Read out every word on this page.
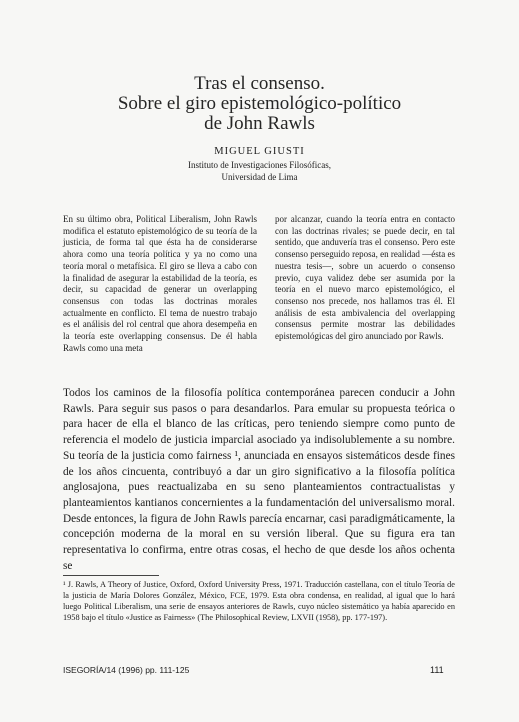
Tras el consenso.
Sobre el giro epistemológico-político
de John Rawls
MIGUEL GIUSTI
Instituto de Investigaciones Filosóficas,
Universidad de Lima
En su último obra, Political Liberalism, John Rawls modifica el estatuto epistemológico de su teoría de la justicia, de forma tal que ésta ha de considerarse ahora como una teoría política y ya no como una teoría moral o metafísica. El giro se lleva a cabo con la finalidad de asegurar la estabilidad de la teoría, es decir, su capacidad de generar un overlapping consensus con todas las doctrinas morales actualmente en conflicto. El tema de nuestro trabajo es el análisis del rol central que ahora desempeña en la teoría este overlapping consensus. De él habla Rawls como una meta
por alcanzar, cuando la teoría entra en contacto con las doctrinas rivales; se puede decir, en tal sentido, que anduvería tras el consenso. Pero este consenso perseguido reposa, en realidad —ésta es nuestra tesis—, sobre un acuerdo o consenso previo, cuya validez debe ser asumida por la teoría en el nuevo marco epistemológico, el consenso nos precede, nos hallamos tras él. El análisis de esta ambivalencia del overlapping consensus permite mostrar las debilidades epistemológicas del giro anunciado por Rawls.

Todos los caminos de la filosofía política contemporánea parecen conducir a John Rawls. Para seguir sus pasos o para desandarlos. Para emular su propuesta teórica o para hacer de ella el blanco de las críticas, pero teniendo siempre como punto de referencia el modelo de justicia imparcial asociado ya indisolublemente a su nombre. Su teoría de la justicia como fairness ¹, anunciada en ensayos sistemáticos desde fines de los años cincuenta, contribuyó a dar un giro significativo a la filosofía política anglosajona, pues reactualizaba en su seno planteamientos contractualistas y planteamientos kantianos concernientes a la fundamentación del universalismo moral. Desde entonces, la figura de John Rawls parecía encarnar, casi paradigmáticamente, la concepción moderna de la moral en su versión liberal. Que su figura era tan representativa lo confirma, entre otras cosas, el hecho de que desde los años ochenta se

¹ J. Rawls, A Theory of Justice, Oxford, Oxford University Press, 1971. Traducción castellana, con el título Teoría de la justicia de María Dolores González, México, FCE, 1979. Esta obra condensa, en realidad, al igual que lo hará luego Political Liberalism, una serie de ensayos anteriores de Rawls, cuyo núcleo sistemático ya había aparecido en 1958 bajo el título «Justice as Fairness» (The Philosophical Review, LXVII (1958), pp. 177-197).
ISEGORÍA/14 (1996) pp. 111-125	111
